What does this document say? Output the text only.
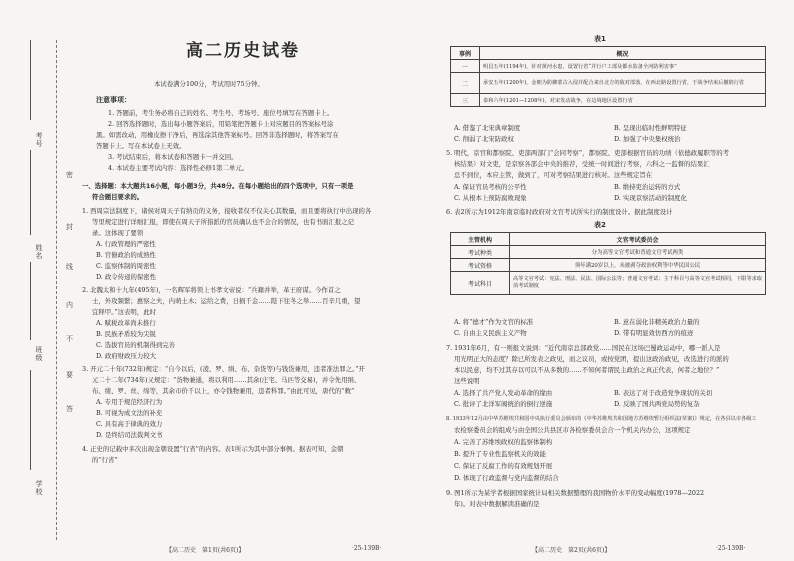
考号
姓名
班级
学校
密
封
线
内
不
要
答
高二历史试卷
本试卷满分100分，考试用时75分钟。
注意事项：
1. 答题前，考生务必将自己的姓名、考生号、考场号、座位号填写在答题卡上。
2. 回答选择题时，选出每小题答案后，用铅笔把答题卡上对应题目的答案标号涂
黑。如需改动，用橡皮擦干净后，再选涂其他答案标号。回答非选择题时，将答案写在
答题卡上。写在本试卷上无效。
3. 考试结束后，将本试卷和答题卡一并交回。
4. 本试卷主要考试内容：选择性必修1第二单元。
一、选择题：本大题共16小题，每小题3分，共48分。在每小题给出的四个选项中，只有一项是
符合题目要求的。
1. 西周宗法制度下，诸侯对周天子有纳贡的义务，接收者仅不仅关心其数量，而且要将执行中出现的各
等里规定进行详细汇报，即使在周天子所指派的官员确认也不会合的情况，也有书面汇报之记
录。这体现了要领
A. 行政管理的严密性
B. 官僚政治的成熟性
C. 监察体制的周密性
D. 政令传递的保密性
2. 北魏太和十九年(495年)，一名辉军将领上书孝文帝说：“兵籍并举，革王府谋。今作首之
士，外攻频繁；惠察之夫，内萌土木；运给之费，日损千金……陛下往冬之举……百辛几重，望
宜释甲。”这表明，此时
A. 赋税改革尚未推行
B. 民族矛盾较为尖锐
C. 选拔官员的机制得到完善
D. 政府财政压力较大
3. 开元二十年(732年)规定：“自今以后，(凌、罗、绢、布、杂货等)与钱货兼用，违者准法罪之。”开
元二十二年(734年)又规定：“货物兼通，将以利用……其余(庄宅、马匹等交易)，并令先用绢、
布、绫、罗、丝、绵等，其余市价千以上，亦令钱物兼用，违者科罪。”由此可见，唐代的“敕”
A. 专用于规范经济行为
B. 可视为成文法的补充
C. 具有高于律典的效力
D. 是终结司法裁判文书
4. 正史的记载中多次出现金朝设置“行省”的内容。表1所示为其中部分事例。据表可知，金朝
的“行省”
【高二历史　第1页(共6页)】	·25-139B·
表1
事例	概况
一	明昌五年(1194年)，针对黄河水患，设置行省“并行户工部及都水监备全河防利害事”
二	承安五年(1200年)，金朝为防御蒙古入侵并配合来自北方的敌对部落，在西北路设置行省，于战争结束后撤销行省
三	泰和六年(1201—1208年)，对宋发动战争，在边境地区设置行省
A. 借鉴了北宋典章制度	B. 呈现出临时性鲜明特征
C. 削弱了北宋防政权	D. 加强了中央集权统治
5. 明代，京官和都察院、吏部两部门“会同考察”，都察院、吏部根据官员的功绩（依德政履职等的考
核结果）对文吏，是京察各部会中央的推荐，受统一时间进行考察，六科之一监督的结果汇
总不到位，本应主管，做到了，可对考察结果进行核对。这些规定旨在
A. 保证官员考核的公平性	B. 维持吏治运转的方式
C. 从根本上预防腐败现象	D. 实现京察活动的制度化
6. 表2所示为1912年南京临时政府对文官考试所实行的制度设计。据此制度设计
表2
主管机构	文官考试委员会
考试种类	分为高等文官考试和普通文官考试两类
考试资格	须年满20岁以上，未被剥夺政治权利等中华民国公民
考试科目	高等文官考试：宪法、刑法、民法、国际公法等；普通文官考试：主干科目与高等文官考试相同，下限等求取消考试制度
A. 将“德才”作为文官的标准	B. 意在弱化非精英政治力量的
C. 自由主义民族主义产物	D. 带有明显效仿西方的痕迹
7. 1931年6月，有一则报文说到：“近代南京总部政党……国民在这场巴蜀政运动中，哪一派人是
用光明正大的态度？除已所发表之政见，而之议员，或按党团，提出这政治政见，改选进行的派的
本以民意，均不过其存以可以不从多数的……不知何者谓民主政治之真正代表，何者之地位？”
这些说明
A. 选择了共产党人发动革命的缘由	B. 表达了对于改造党争现状的关切
C. 批评了北洋军阀统治的倒行逆施	D. 反映了国共两党局势的复杂
8. 1933年12月由中华苏维埃共和国中央执行委员会颁布的《中华苏维埃共和国地方苏维埃暂行组织法(草案)》规定，在各县以市各级工
农检察委员会的组成与由全国公共县区市各检察委员会合一个机关内办公，这项规定
A. 完善了苏维埃政权的监察体制构
B. 提升了专业性监察机关的效能
C. 保证了反腐工作的有效规划开展
D. 体现了行政监督与党内监督的结合
9. 图1所示为某学者根据国家统计局相关数据整理的我国物价水平的变动幅度(1978—2022
年)。对表中数据解读准确的是
【高二历史　第2页(共6页)】	·25-139B·
